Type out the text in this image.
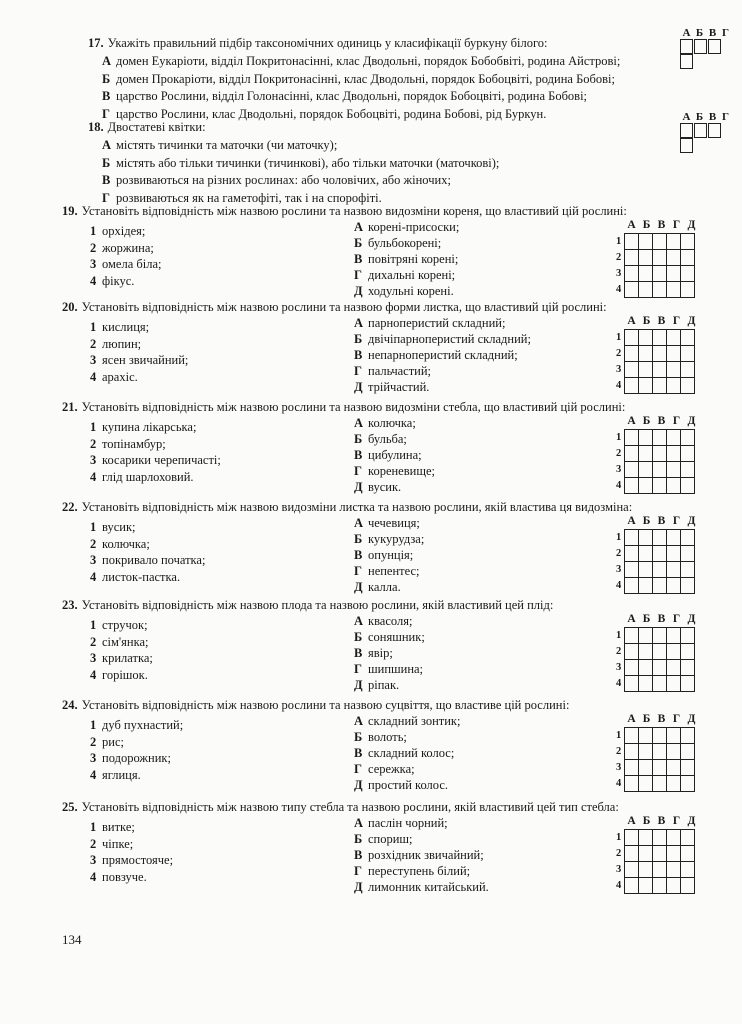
17. Укажіть правильний підбір таксономічних одиниць у класифікації буркуну білого:
А домен Еукаріоти, відділ Покритонасінні, клас Дводольні, порядок Бобобвіті, родина Айстрові;
Б домен Прокаріоти, відділ Покритонасінні, клас Дводольні, порядок Бобоцвіті, родина Бобові;
В царство Рослини, відділ Голонасінні, клас Дводольні, порядок Бобоцвіті, родина Бобові;
Г царство Рослини, клас Дводольні, порядок Бобоцвіті, родина Бобові, рід Буркун.
А Б В Г
18. Двостатеві квітки:
А містять тичинки та маточки (чи маточку);
Б містять або тільки тичинки (тичинкові), або тільки маточки (маточкові);
В розвиваються на різних рослинах: або чоловічих, або жіночих;
Г розвиваються як на гаметофіті, так і на спорофіті.
А Б В Г
19. Установіть відповідність між назвою рослини та назвою видозміни кореня, що властивий цій рослині:
1 орхідея;
2 жоржина;
3 омела біла;
4 фікус.
А корені-присоски;
Б бульбокорені;
В повітряні корені;
Г дихальні корені;
Д ходульні корені.
А Б В Г Д
1
2
3
4

20. Установіть відповідність між назвою рослини та назвою форми листка, що властивий цій рослині:
1 кислиця;
2 люпин;
3 ясен звичайний;
4 арахіс.
А парноперистий складний;
Б двічіпарноперистий складний;
В непарноперистий складний;
Г пальчастий;
Д трійчастий.
А Б В Г Д
1
2
3
4

21. Установіть відповідність між назвою рослини та назвою видозміни стебла, що властивий цій рослині:
1 купина лікарська;
2 топінамбур;
3 косарики черепичасті;
4 глід шарлоховий.
А колючка;
Б бульба;
В цибулина;
Г кореневище;
Д вусик.
А Б В Г Д
1
2
3
4

22. Установіть відповідність між назвою видозміни листка та назвою рослини, якій властива ця видозміна:
1 вусик;
2 колючка;
3 покривало початка;
4 листок-пастка.
А чечевиця;
Б кукурудза;
В опунція;
Г непентес;
Д калла.
А Б В Г Д
1
2
3
4

23. Установіть відповідність між назвою плода та назвою рослини, якій властивий цей плід:
1 стручок;
2 сім'янка;
3 крилатка;
4 горішок.
А квасоля;
Б соняшник;
В явір;
Г шипшина;
Д ріпак.
А Б В Г Д
1
2
3
4

24. Установіть відповідність між назвою рослини та назвою суцвіття, що властиве цій рослині:
1 дуб пухнастий;
2 рис;
3 подорожник;
4 яглиця.
А складний зонтик;
Б волоть;
В складний колос;
Г сережка;
Д простий колос.
А Б В Г Д
1
2
3
4

25. Установіть відповідність між назвою типу стебла та назвою рослини, якій властивий цей тип стебла:
1 витке;
2 чіпке;
3 прямостояче;
4 повзуче.
А паслін чорний;
Б спориш;
В розхідник звичайний;
Г переступень білий;
Д лимонник китайський.
А Б В Г Д
1
2
3
4

134
